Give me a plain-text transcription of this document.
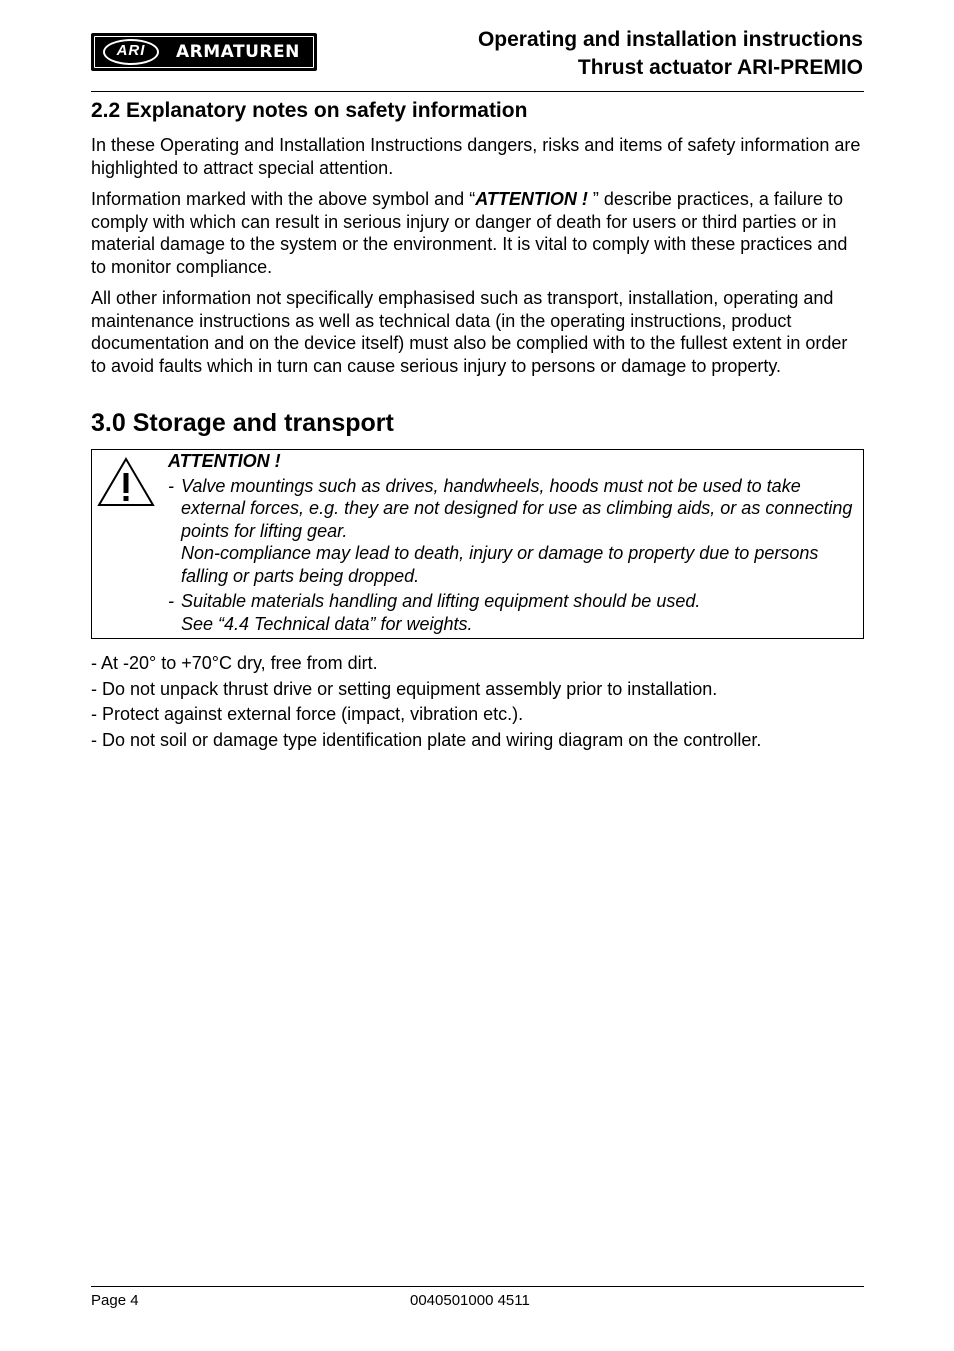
ARI	ARMATUREN
Operating and installation instructions
Thrust actuator ARI-PREMIO
2.2 Explanatory notes on safety information

In these Operating and Installation Instructions dangers, risks and items of safety information are highlighted to attract special attention.

Information marked with the above symbol and “ATTENTION ! ” describe practices, a failure to comply with which can result in serious injury or danger of death for users or third parties or in material damage to the system or the environment. It is vital to comply with these practices and to monitor compliance.

All other information not specifically emphasised such as transport, installation, operating and maintenance instructions as well as technical data (in the operating instructions, product documentation and on the device itself) must also be complied with to the fullest extent in order to avoid faults which in turn can cause serious injury to persons or damage to property.

3.0 Storage and transport
ATTENTION !
- Valve mountings such as drives, handwheels, hoods must not be used to take external forces, e.g. they are not designed for use as climbing aids, or as connecting points for lifting gear.
Non-compliance may lead to death, injury or damage to property due to persons falling or parts being dropped.
- Suitable materials handling and lifting equipment should be used.
See “4.4 Technical data” for weights.
- At -20° to +70°C dry, free from dirt.
- Do not unpack thrust drive or setting equipment assembly prior to installation.
- Protect against external force (impact, vibration etc.).
- Do not soil or damage type identification plate and wiring diagram on the controller.
Page 4	0040501000 4511
